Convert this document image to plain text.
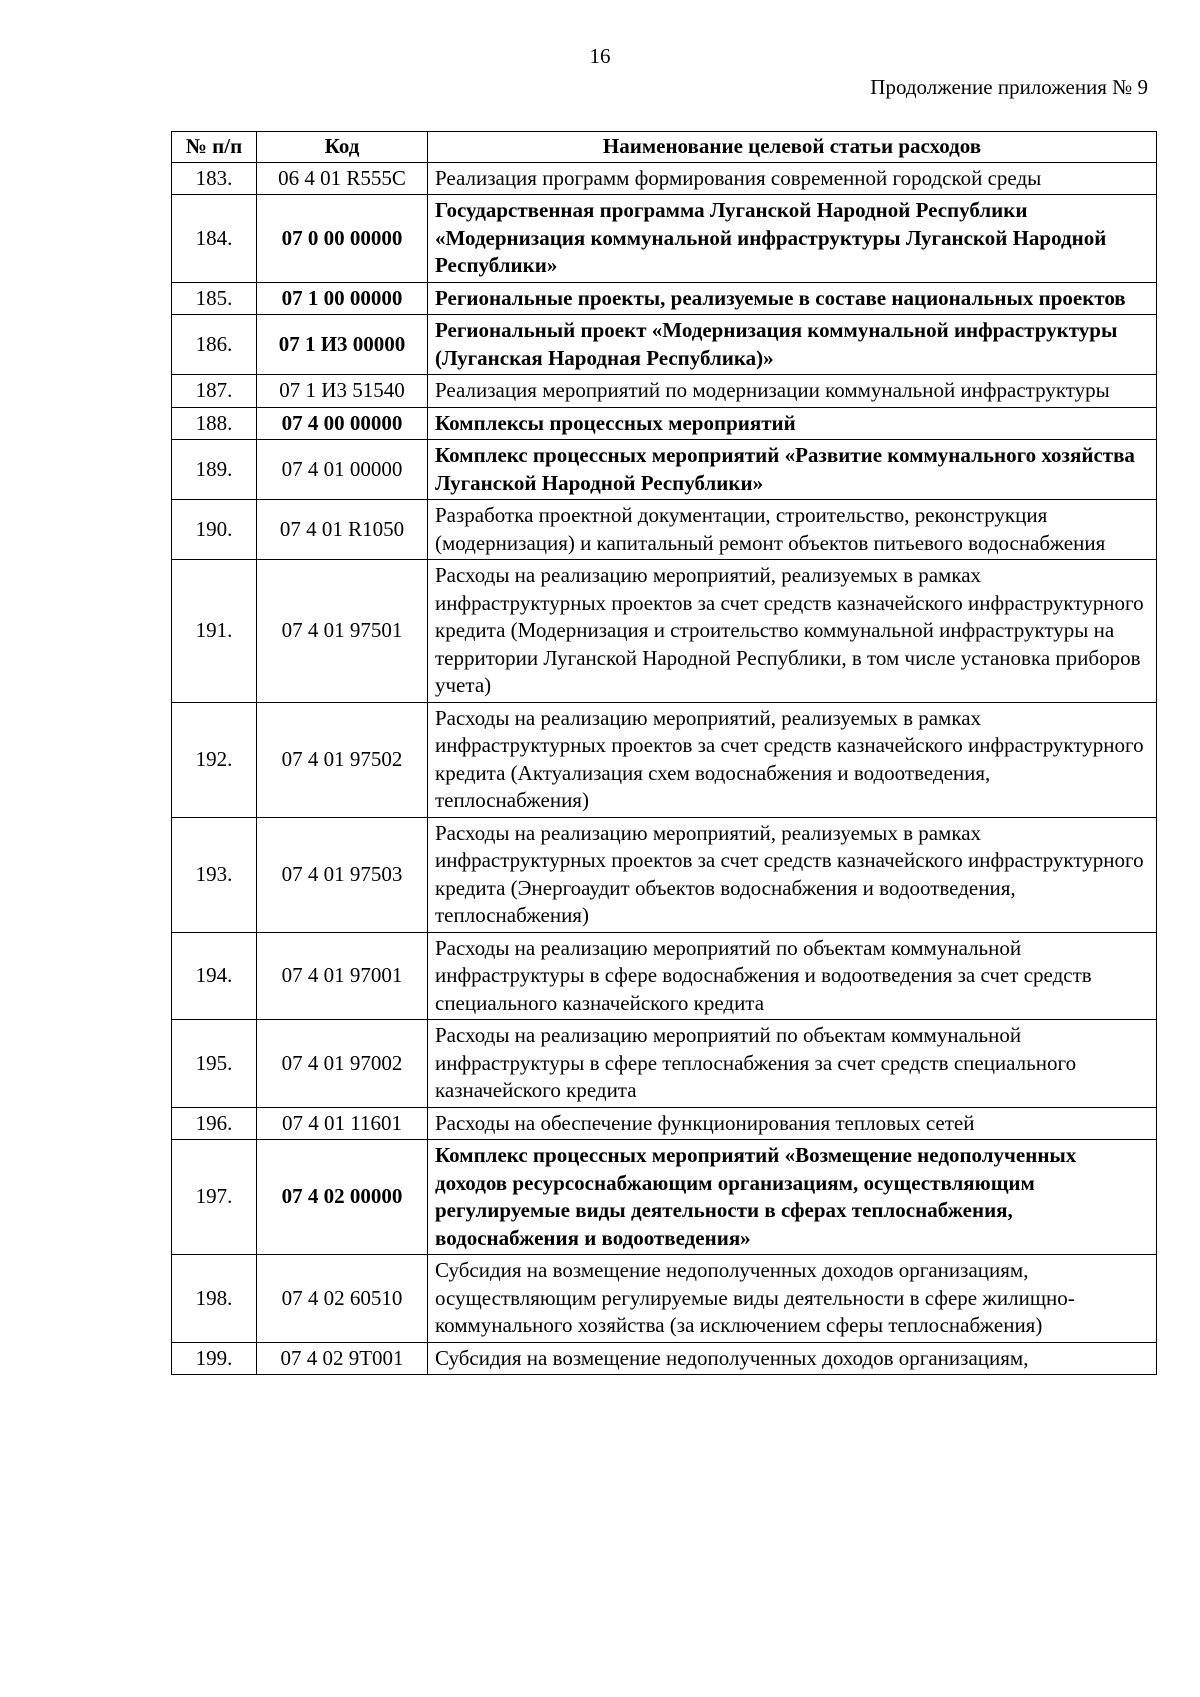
16
Продолжение приложения № 9
№ п/п	Код	Наименование целевой статьи расходов
183.	06 4 01 R555C	Реализация программ формирования современной городской среды
184.	07 0 00 00000	Государственная программа Луганской Народной Республики «Модернизация коммунальной инфраструктуры Луганской Народной Республики»
185.	07 1 00 00000	Региональные проекты, реализуемые в составе национальных проектов
186.	07 1 И3 00000	Региональный проект «Модернизация коммунальной инфраструктуры (Луганская Народная Республика)»
187.	07 1 И3 51540	Реализация мероприятий по модернизации коммунальной инфраструктуры
188.	07 4 00 00000	Комплексы процессных мероприятий
189.	07 4 01 00000	Комплекс процессных мероприятий «Развитие коммунального хозяйства Луганской Народной Республики»
190.	07 4 01 R1050	Разработка проектной документации, строительство, реконструкция (модернизация) и капитальный ремонт объектов питьевого водоснабжения
191.	07 4 01 97501	Расходы на реализацию мероприятий, реализуемых в рамках инфраструктурных проектов за счет средств казначейского инфраструктурного кредита (Модернизация и строительство коммунальной инфраструктуры на территории Луганской Народной Республики, в том числе установка приборов учета)
192.	07 4 01 97502	Расходы на реализацию мероприятий, реализуемых в рамках инфраструктурных проектов за счет средств казначейского инфраструктурного кредита (Актуализация схем водоснабжения и водоотведения, теплоснабжения)
193.	07 4 01 97503	Расходы на реализацию мероприятий, реализуемых в рамках инфраструктурных проектов за счет средств казначейского инфраструктурного кредита (Энергоаудит объектов водоснабжения и водоотведения, теплоснабжения)
194.	07 4 01 97001	Расходы на реализацию мероприятий по объектам коммунальной инфраструктуры в сфере водоснабжения и водоотведения за счет средств специального казначейского кредита
195.	07 4 01 97002	Расходы на реализацию мероприятий по объектам коммунальной инфраструктуры в сфере теплоснабжения за счет средств специального казначейского кредита
196.	07 4 01 11601	Расходы на обеспечение функционирования тепловых сетей
197.	07 4 02 00000	Комплекс процессных мероприятий «Возмещение недополученных доходов ресурсоснабжающим организациям, осуществляющим регулируемые виды деятельности в сферах теплоснабжения, водоснабжения и водоотведения»
198.	07 4 02 60510	Субсидия на возмещение недополученных доходов организациям, осуществляющим регулируемые виды деятельности в сфере жилищно-коммунального хозяйства (за исключением сферы теплоснабжения)
199.	07 4 02 9Т001	Субсидия на возмещение недополученных доходов организациям,
